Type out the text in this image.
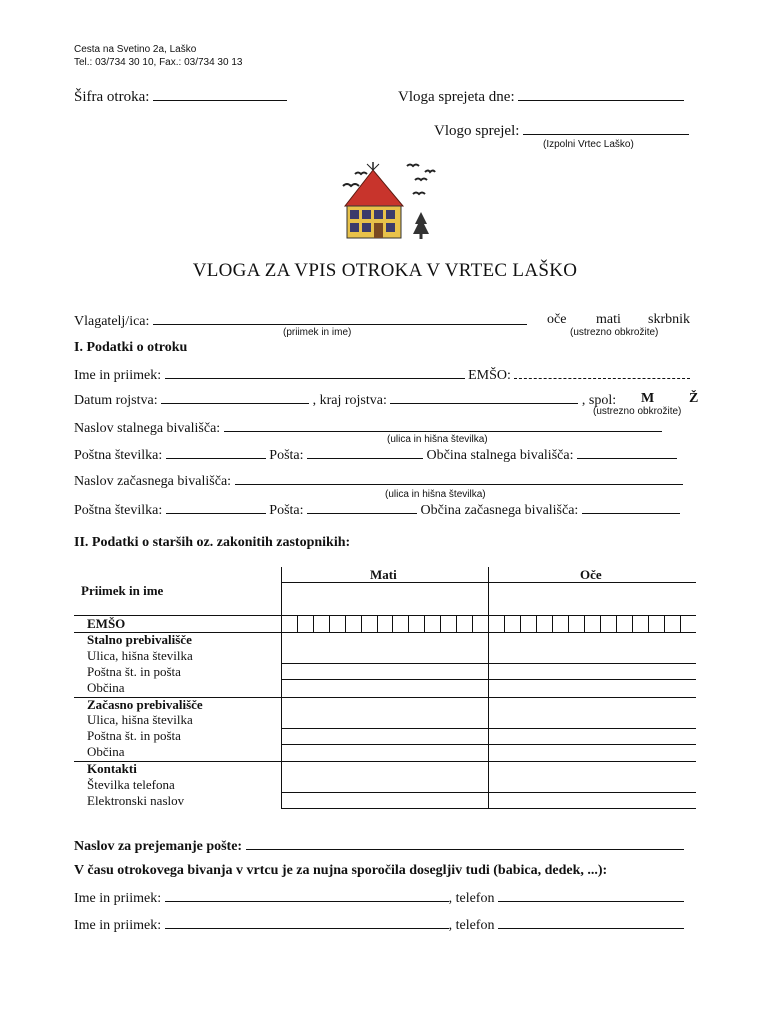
Cesta na Svetino 2a, Laško
Tel.: 03/734 30 10, Fax.: 03/734 30 13
Šifra otroka:	Vloga sprejeta dne:
Vlogo sprejel:
(Izpolni Vrtec Laško)
VLOGA ZA VPIS OTROKA V VRTEC LAŠKO
Vlagatelj/ica:	oče mati skrbnik
(priimek in ime)	(ustrezno obkrožite)
I. Podatki o otroku
Ime in priimek:	EMŠO:
Datum rojstva:	, kraj rojstva:	, spol: M Ž
(ustrezno obkrožite)
Naslov stalnega bivališča:
(ulica in hišna številka)
Poštna številka:	Pošta:	Občina stalnega bivališča:
Naslov začasnega bivališča:
(ulica in hišna številka)
Poštna številka:	Pošta:	Občina začasnega bivališča:
II. Podatki o starših oz. zakonitih zastopnikih:
Mati	Oče
Priimek in ime
EMŠO
Stalno prebivališče
Ulica, hišna številka
Poštna št. in pošta
Občina
Začasno prebivališče
Ulica, hišna številka
Poštna št. in pošta
Občina
Kontakti
Številka telefona
Elektronski naslov
Naslov za prejemanje pošte:
V času otrokovega bivanja v vrtcu je za nujna sporočila dosegljiv tudi (babica, dedek, ...):
Ime in priimek:	, telefon
Ime in priimek:	, telefon
